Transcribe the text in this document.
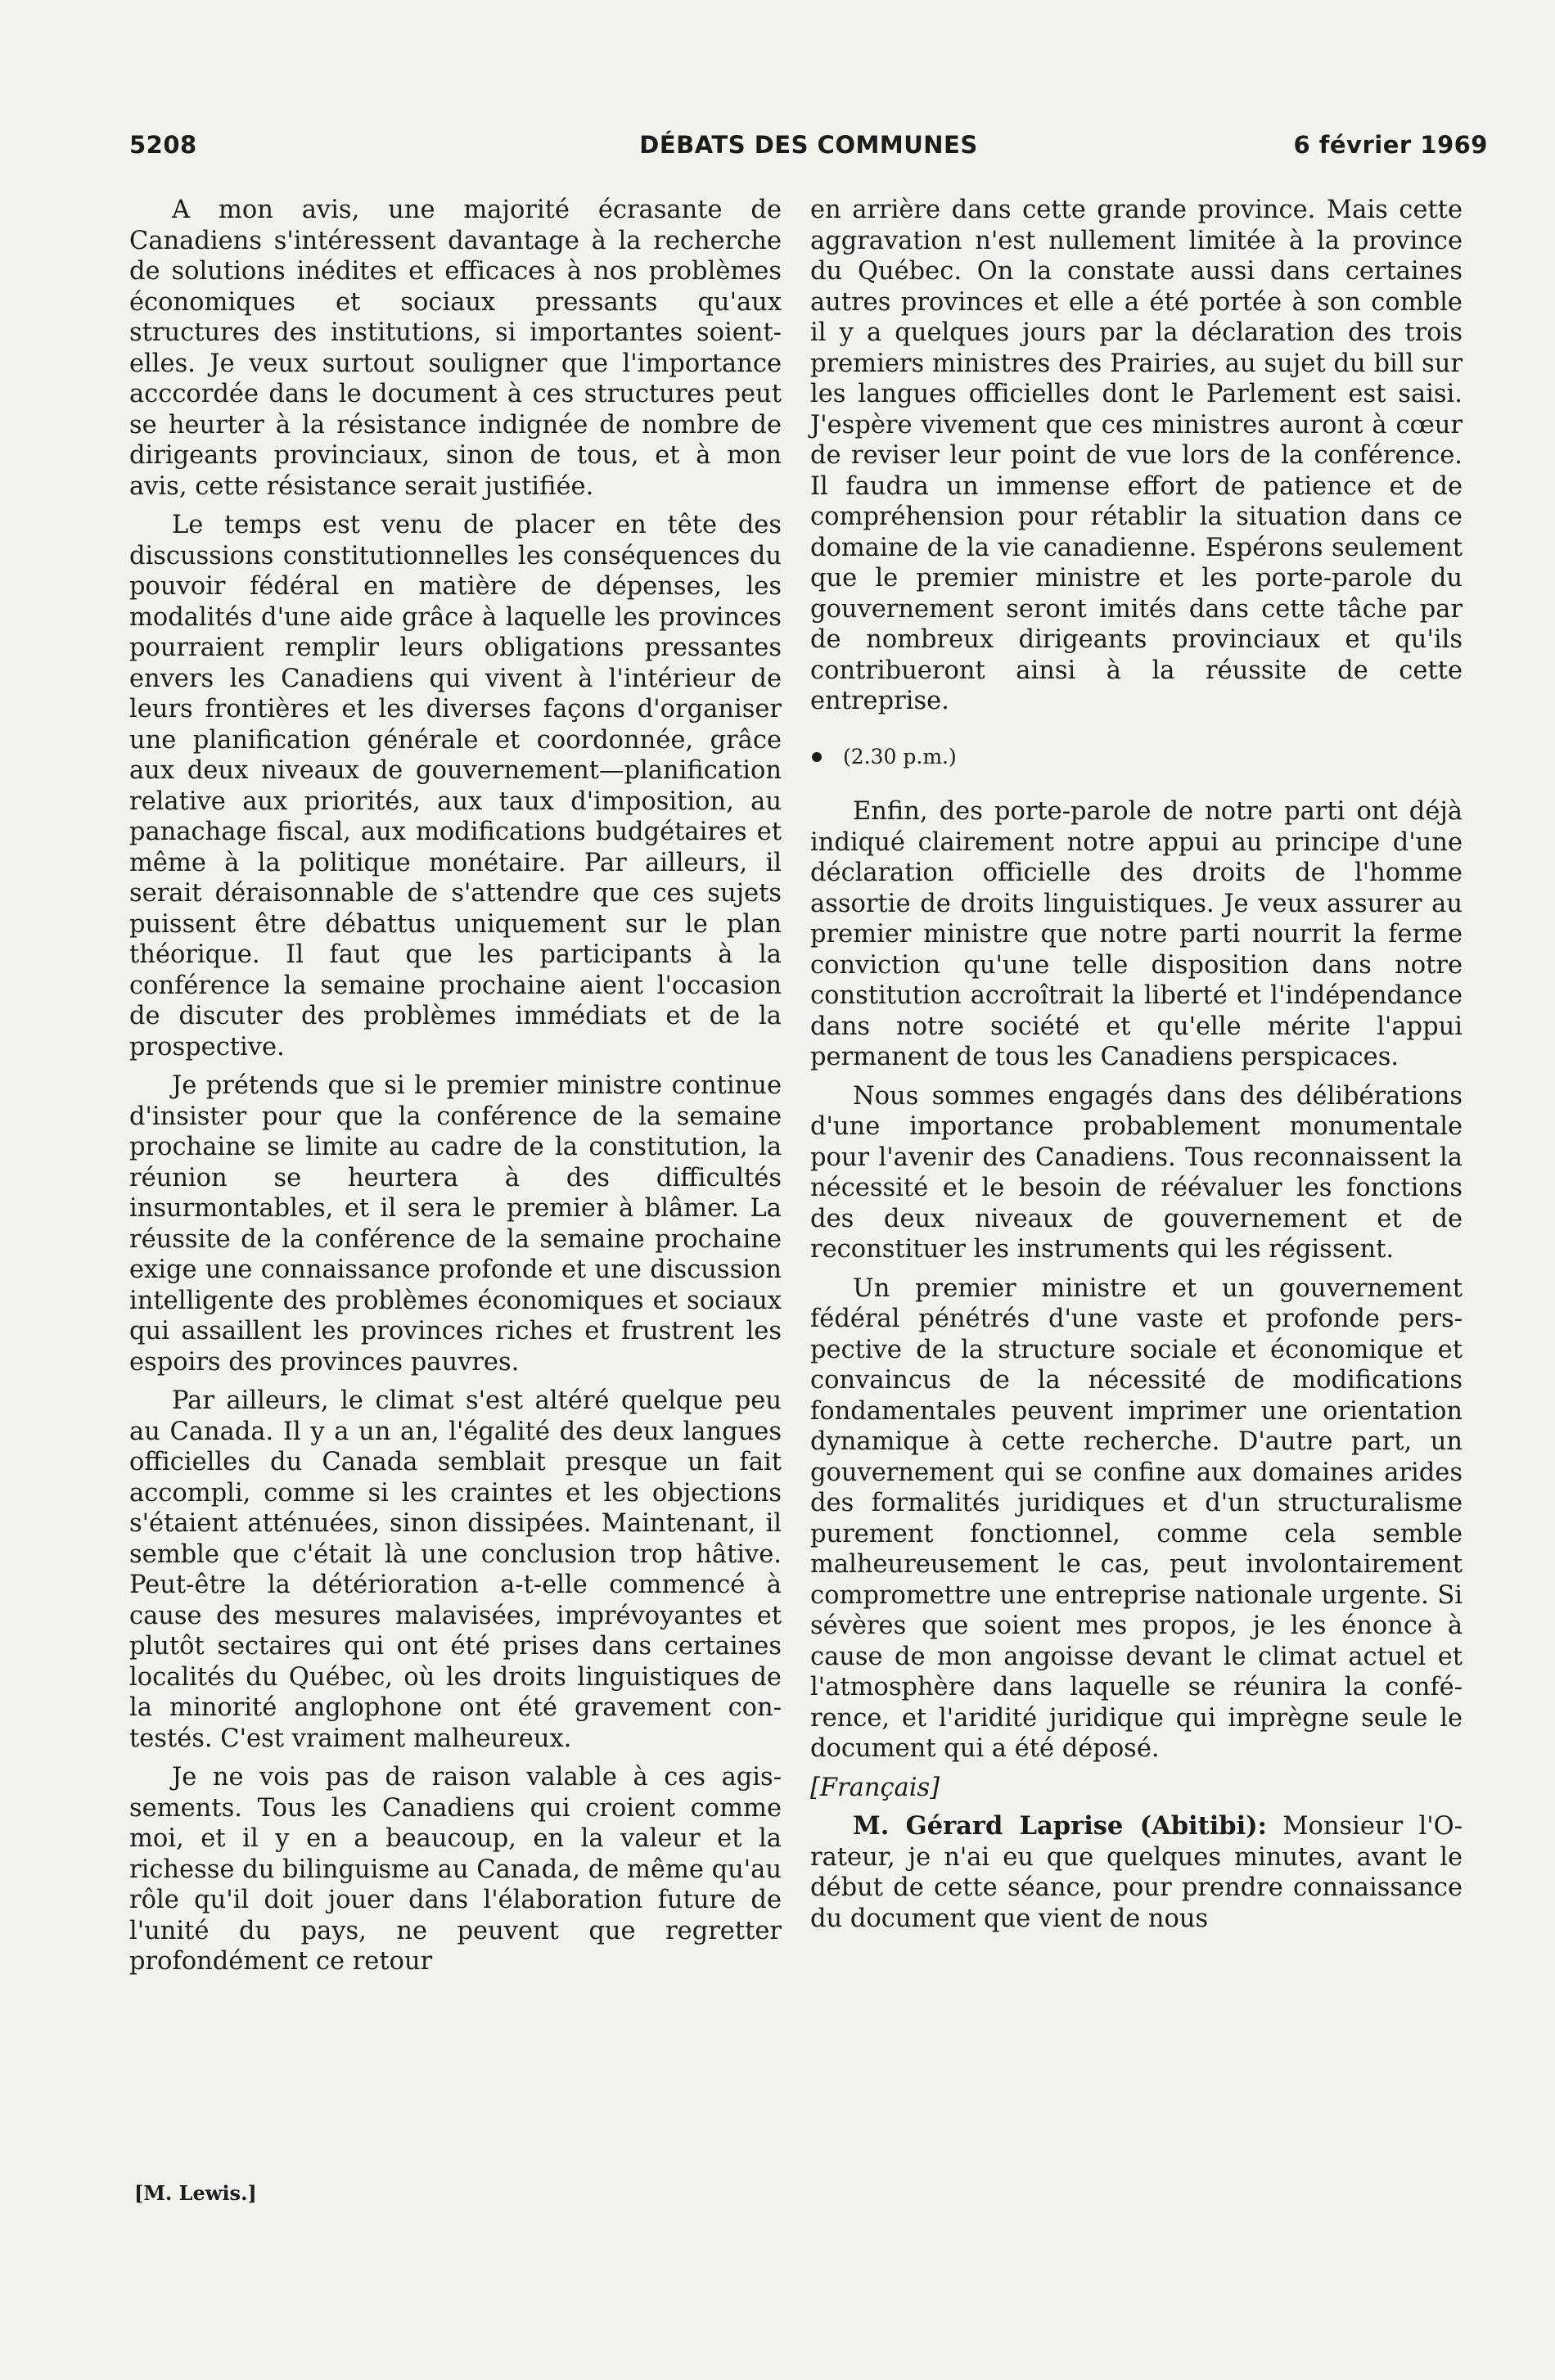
5208	DÉBATS DES COMMUNES	6 février 1969

A mon avis, une majorité écrasante de Canadiens s'intéressent davantage à la recherche de solutions inédites et efficaces à nos problèmes économiques et sociaux pressants qu'aux structures des institutions, si importantes soient-elles. Je veux surtout souligner que l'importance acccordée dans le document à ces structures peut se heurter à la résistance indignée de nombre de dirigeants provinciaux, sinon de tous, et à mon avis, cette résistance serait justifiée.

Le temps est venu de placer en tête des discussions constitutionnelles les conséquences du pouvoir fédéral en matière de dépenses, les modalités d'une aide grâce à laquelle les provinces pourraient remplir leurs obligations pressantes envers les Canadiens qui vivent à l'intérieur de leurs frontières et les diverses façons d'organiser une planification générale et coordonnée, grâce aux deux niveaux de gouvernement—planification relative aux priorités, aux taux d'imposition, au panachage fiscal, aux modifications budgétaires et même à la politique monétaire. Par ailleurs, il serait déraisonnable de s'attendre que ces sujets puissent être débattus uniquement sur le plan théorique. Il faut que les participants à la conférence la semaine prochaine aient l'occasion de discuter des problèmes immédiats et de la prospective.

Je prétends que si le premier ministre continue d'insister pour que la conférence de la semaine prochaine se limite au cadre de la constitution, la réunion se heurtera à des difficultés insurmontables, et il sera le premier à blâmer. La réussite de la conférence de la semaine prochaine exige une connaissance profonde et une discussion intelligente des problèmes économiques et sociaux qui assaillent les provinces riches et frustrent les espoirs des provinces pauvres.

Par ailleurs, le climat s'est altéré quelque peu au Canada. Il y a un an, l'égalité des deux langues officielles du Canada semblait presque un fait accompli, comme si les craintes et les objections s'étaient atténuées, sinon dissipées. Maintenant, il semble que c'était là une conclusion trop hâtive. Peut-être la détérioration a-t-elle commencé à cause des mesures malavisées, imprévoyantes et plutôt sectaires qui ont été prises dans certaines localités du Québec, où les droits linguistiques de la minorité anglophone ont été gravement contestés. C'est vraiment malheureux.

Je ne vois pas de raison valable à ces agissements. Tous les Canadiens qui croient comme moi, et il y en a beaucoup, en la valeur et la richesse du bilinguisme au Canada, de même qu'au rôle qu'il doit jouer dans l'élaboration future de l'unité du pays, ne peuvent que regretter profondément ce retour

[M. Lewis.]

en arrière dans cette grande province. Mais cette aggravation n'est nullement limitée à la province du Québec. On la constate aussi dans certaines autres provinces et elle a été portée à son comble il y a quelques jours par la déclaration des trois premiers ministres des Prairies, au sujet du bill sur les langues officielles dont le Parlement est saisi. J'espère vivement que ces ministres auront à cœur de reviser leur point de vue lors de la conférence. Il faudra un immense effort de patience et de compréhension pour rétablir la situation dans ce domaine de la vie canadienne. Espérons seulement que le premier ministre et les porte-parole du gouvernement seront imités dans cette tâche par de nombreux dirigeants provinciaux et qu'ils contribueront ainsi à la réussite de cette entreprise.

(2.30 p.m.)

Enfin, des porte-parole de notre parti ont déjà indiqué clairement notre appui au principe d'une déclaration officielle des droits de l'homme assortie de droits linguistiques. Je veux assurer au premier ministre que notre parti nourrit la ferme conviction qu'une telle disposition dans notre constitution accroîtrait la liberté et l'indépendance dans notre société et qu'elle mérite l'appui permanent de tous les Canadiens perspicaces.

Nous sommes engagés dans des délibérations d'une importance probablement monumentale pour l'avenir des Canadiens. Tous reconnaissent la nécessité et le besoin de réévaluer les fonctions des deux niveaux de gouvernement et de reconstituer les instruments qui les régissent.

Un premier ministre et un gouvernement fédéral pénétrés d'une vaste et profonde perspective de la structure sociale et économique et convaincus de la nécessité de modifications fondamentales peuvent imprimer une orientation dynamique à cette recherche. D'autre part, un gouvernement qui se confine aux domaines arides des formalités juridiques et d'un structuralisme purement fonctionnel, comme cela semble malheureusement le cas, peut involontairement compromettre une entreprise nationale urgente. Si sévères que soient mes propos, je les énonce à cause de mon angoisse devant le climat actuel et l'atmosphère dans laquelle se réunira la conférence, et l'aridité juridique qui imprègne seule le document qui a été déposé.

[Français]

M. Gérard Laprise (Abitibi): Monsieur l'Orateur, je n'ai eu que quelques minutes, avant le début de cette séance, pour prendre connaissance du document que vient de nous
